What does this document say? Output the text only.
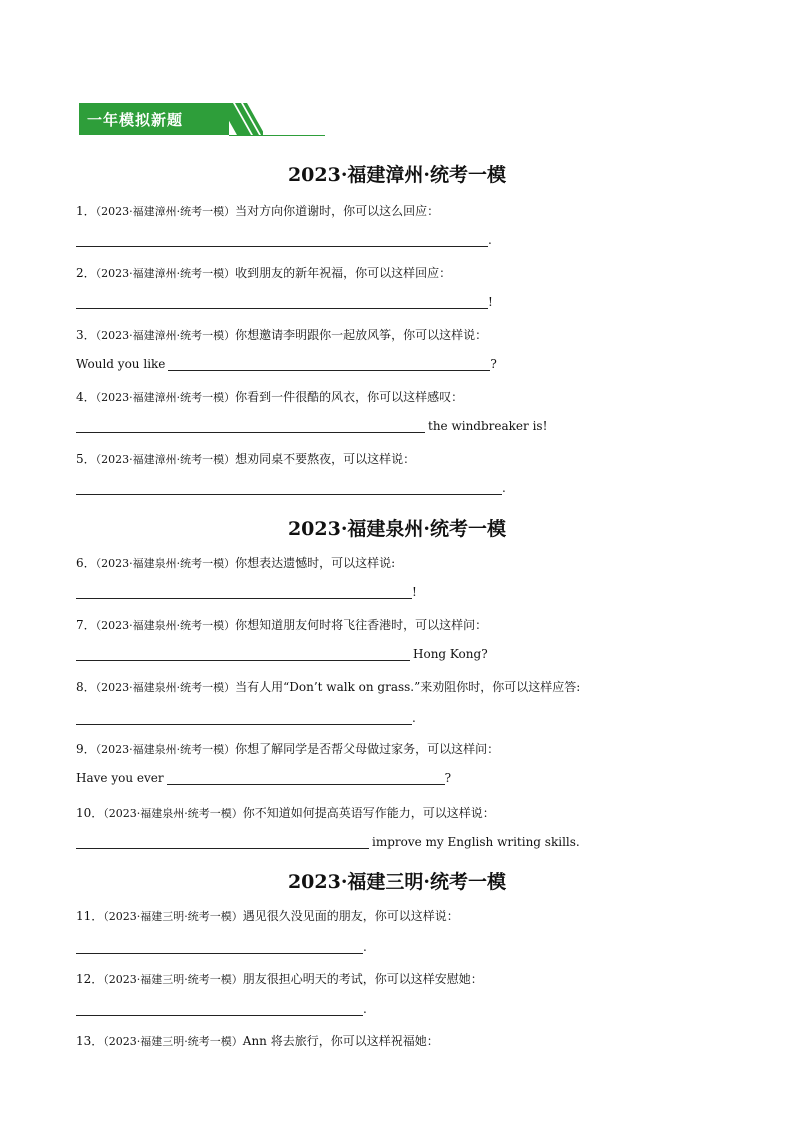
一年模拟新题
2023·福建漳州·统考一模
1．（2023·福建漳州·统考一模）当对方向你道谢时，你可以这么回应：
.
2．（2023·福建漳州·统考一模）收到朋友的新年祝福，你可以这样回应：
!
3．（2023·福建漳州·统考一模）你想邀请李明跟你一起放风筝，你可以这样说：
Would you like	?
4．（2023·福建漳州·统考一模）你看到一件很酷的风衣，你可以这样感叹：
the windbreaker is!
5．（2023·福建漳州·统考一模）想劝同桌不要熬夜，可以这样说：
.
2023·福建泉州·统考一模
6．（2023·福建泉州·统考一模）你想表达遗憾时，可以这样说:
!
7．（2023·福建泉州·统考一模）你想知道朋友何时将飞往香港时，可以这样问：
Hong Kong?
8．（2023·福建泉州·统考一模）当有人用“Don’t walk on grass.”来劝阻你时，你可以这样应答:
.
9．（2023·福建泉州·统考一模）你想了解同学是否帮父母做过家务，可以这样问：
Have you ever	?
10．（2023·福建泉州·统考一模）你不知道如何提高英语写作能力，可以这样说：
improve my English writing skills.
2023·福建三明·统考一模
11．（2023·福建三明·统考一模）遇见很久没见面的朋友，你可以这样说：
.
12．（2023·福建三明·统考一模）朋友很担心明天的考试，你可以这样安慰她：
.
13．（2023·福建三明·统考一模）Ann 将去旅行，你可以这样祝福她：
